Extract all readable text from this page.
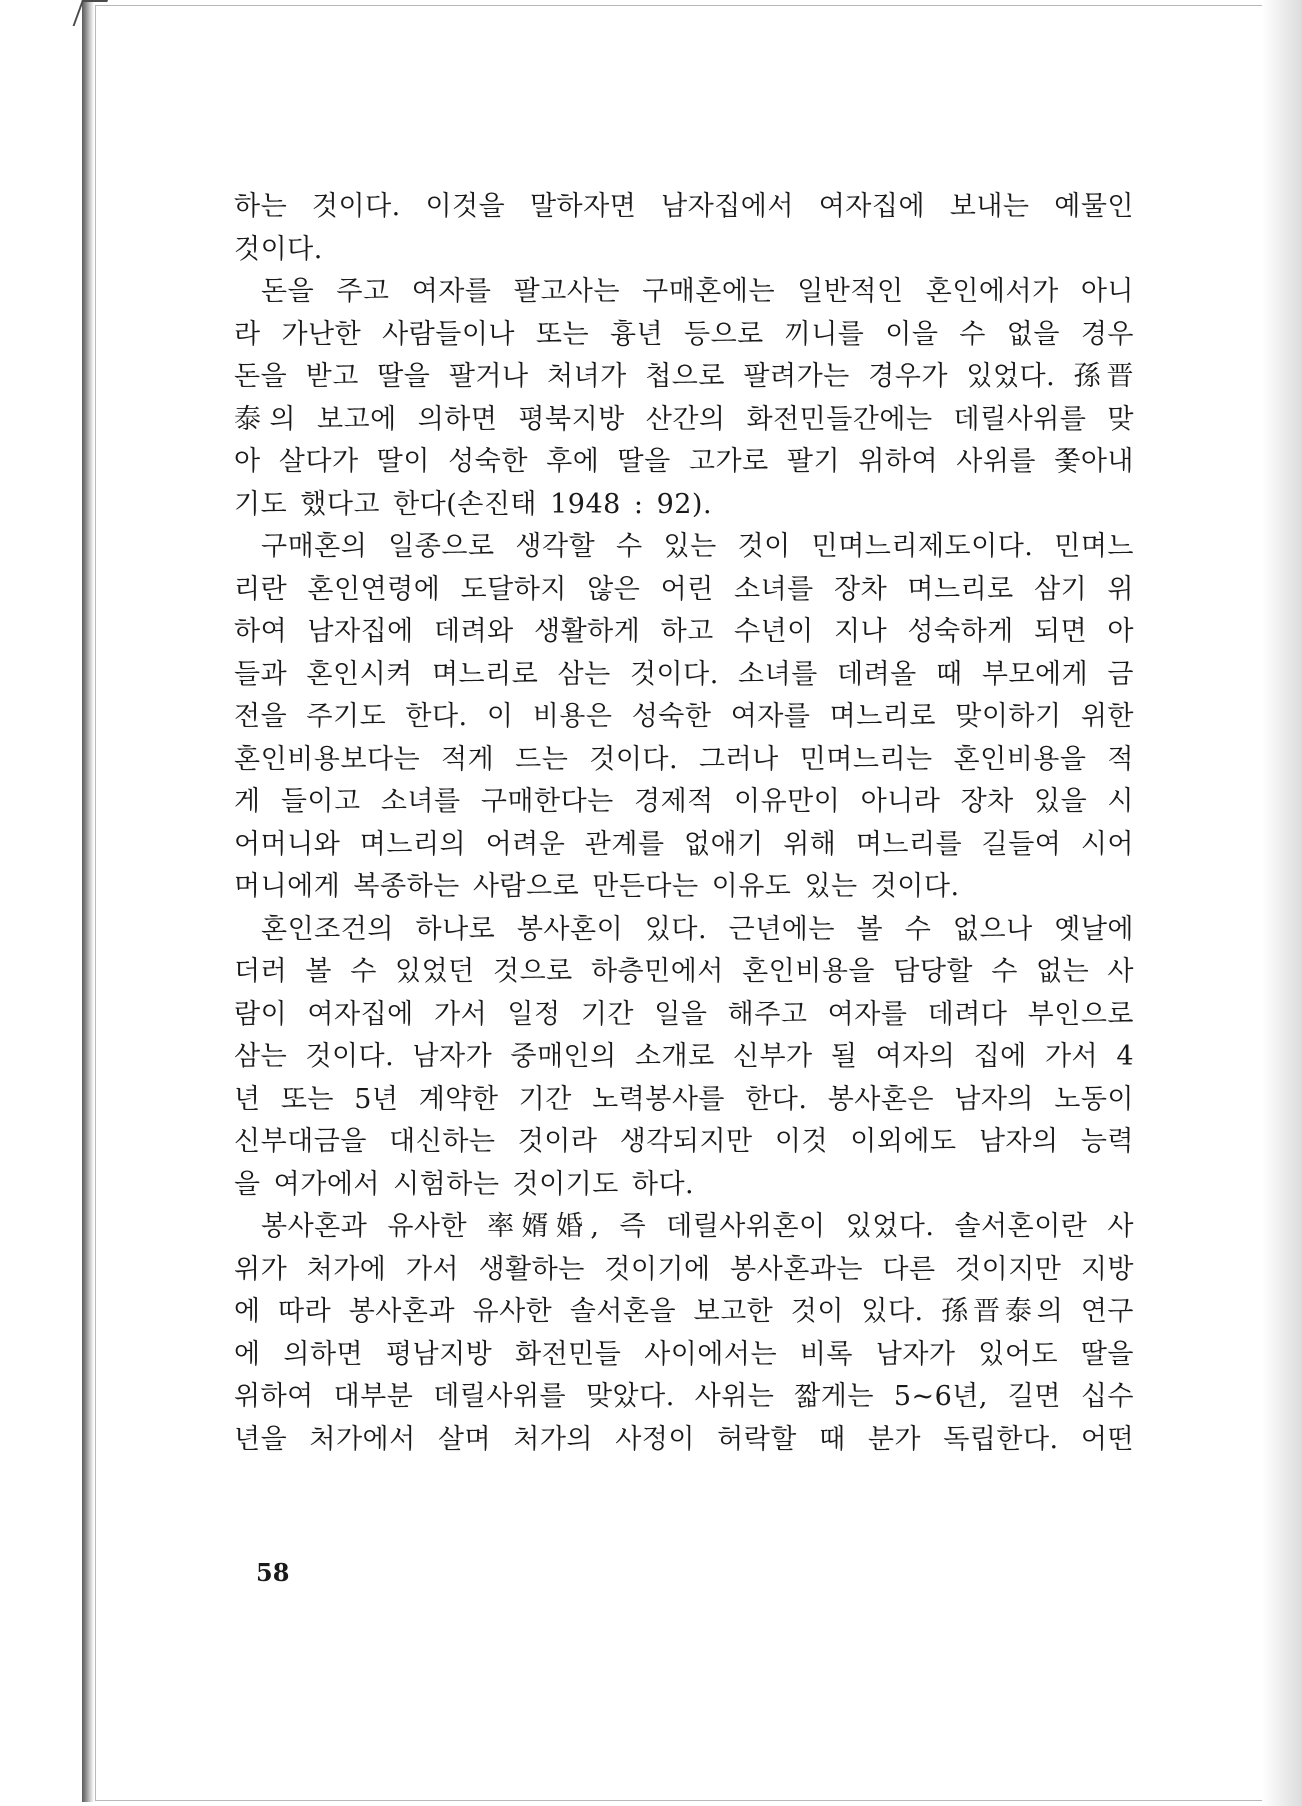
하는 것이다. 이것을 말하자면 남자집에서 여자집에 보내는 예물인
것이다.
돈을 주고 여자를 팔고사는 구매혼에는 일반적인 혼인에서가 아니
라 가난한 사람들이나 또는 흉년 등으로 끼니를 이을 수 없을 경우
돈을 받고 딸을 팔거나 처녀가 첩으로 팔려가는 경우가 있었다. 孫晋
泰의 보고에 의하면 평북지방 산간의 화전민들간에는 데릴사위를 맞
아 살다가 딸이 성숙한 후에 딸을 고가로 팔기 위하여 사위를 쫓아내
기도 했다고 한다(손진태 1948 : 92).
구매혼의 일종으로 생각할 수 있는 것이 민며느리제도이다. 민며느
리란 혼인연령에 도달하지 않은 어린 소녀를 장차 며느리로 삼기 위
하여 남자집에 데려와 생활하게 하고 수년이 지나 성숙하게 되면 아
들과 혼인시켜 며느리로 삼는 것이다. 소녀를 데려올 때 부모에게 금
전을 주기도 한다. 이 비용은 성숙한 여자를 며느리로 맞이하기 위한
혼인비용보다는 적게 드는 것이다. 그러나 민며느리는 혼인비용을 적
게 들이고 소녀를 구매한다는 경제적 이유만이 아니라 장차 있을 시
어머니와 며느리의 어려운 관계를 없애기 위해 며느리를 길들여 시어
머니에게 복종하는 사람으로 만든다는 이유도 있는 것이다.
혼인조건의 하나로 봉사혼이 있다. 근년에는 볼 수 없으나 옛날에
더러 볼 수 있었던 것으로 하층민에서 혼인비용을 담당할 수 없는 사
람이 여자집에 가서 일정 기간 일을 해주고 여자를 데려다 부인으로
삼는 것이다. 남자가 중매인의 소개로 신부가 될 여자의 집에 가서 4
년 또는 5년 계약한 기간 노력봉사를 한다. 봉사혼은 남자의 노동이
신부대금을 대신하는 것이라 생각되지만 이것 이외에도 남자의 능력
을 여가에서 시험하는 것이기도 하다.
봉사혼과 유사한 率婿婚, 즉 데릴사위혼이 있었다. 솔서혼이란 사
위가 처가에 가서 생활하는 것이기에 봉사혼과는 다른 것이지만 지방
에 따라 봉사혼과 유사한 솔서혼을 보고한 것이 있다. 孫晋泰의 연구
에 의하면 평남지방 화전민들 사이에서는 비록 남자가 있어도 딸을
위하여 대부분 데릴사위를 맞았다. 사위는 짧게는 5~6년, 길면 십수
년을 처가에서 살며 처가의 사정이 허락할 때 분가 독립한다. 어떤
58
